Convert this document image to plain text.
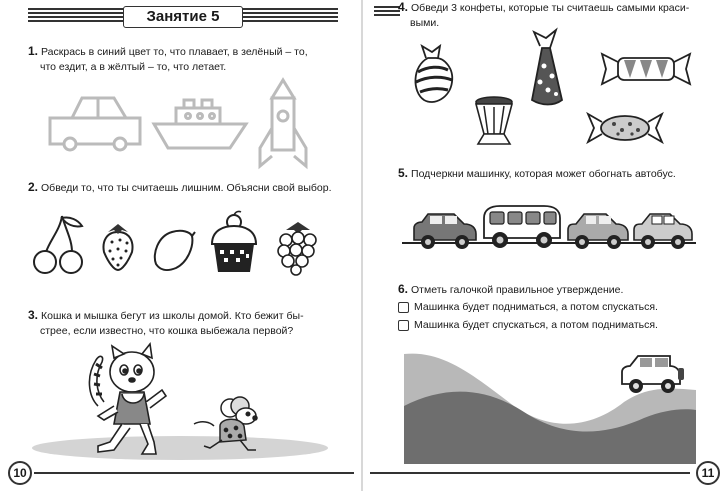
Занятие 5
1. Раскрась в синий цвет то, что плавает, в зелёный – то,
что ездит, а в жёлтый – то, что летает.
2. Обведи то, что ты считаешь лишним. Объясни свой выбор.
3. Кошка и мышка бегут из школы домой. Кто бежит бы-
стрее, если известно, что кошка выбежала первой?
10
4. Обведи 3 конфеты, которые ты считаешь самыми краси-
выми.
5. Подчеркни машинку, которая может обогнать автобус.
6. Отметь галочкой правильное утверждение.
Машинка будет подниматься, а потом спускаться.
Машинка будет спускаться, а потом подниматься.
11
